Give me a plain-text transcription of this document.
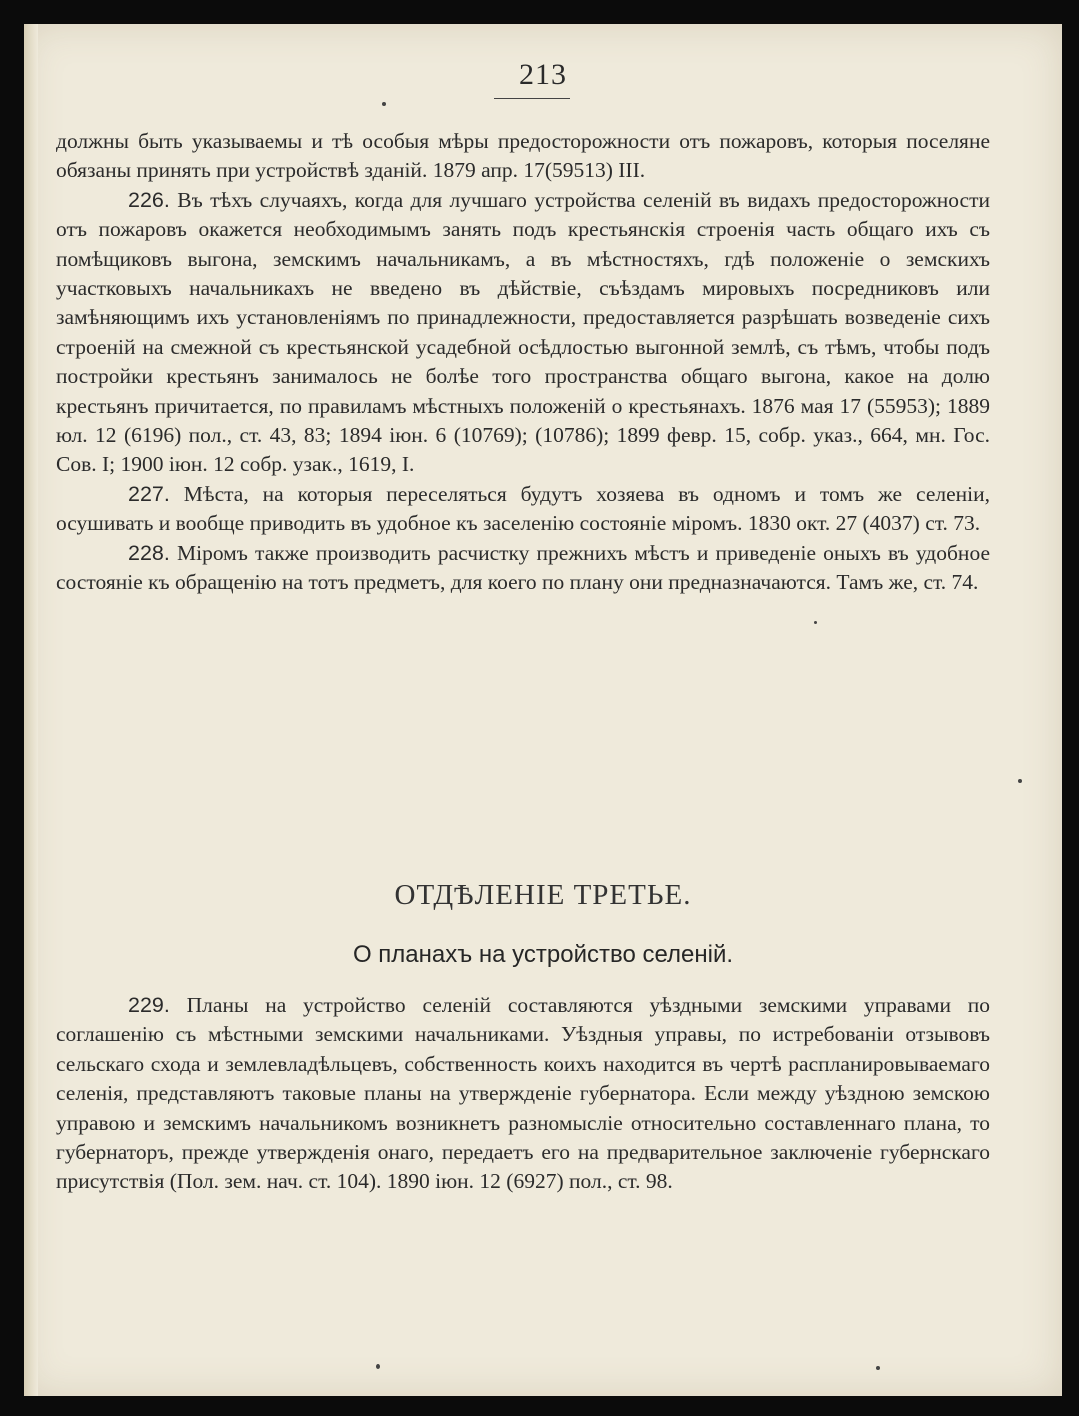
213

должны быть указываемы и тѣ особыя мѣры предосторожности отъ пожаровъ, которыя поселяне обязаны принять при устройствѣ зданій. 1879 апр. 17(59513) III.

226. Въ тѣхъ случаяхъ, когда для лучшаго устройства селеній въ видахъ предосторожности отъ пожаровъ окажется необходимымъ занять подъ крестьянскія строенія часть общаго ихъ съ помѣщиковъ выгона, земскимъ начальникамъ, а въ мѣстностяхъ, гдѣ положеніе о земскихъ участковыхъ начальникахъ не введено въ дѣйствіе, съѣздамъ мировыхъ посредниковъ или замѣняющимъ ихъ установленіямъ по принадлежности, предоставляется разрѣшать возведеніе сихъ строеній на смежной съ крестьянской усадебной осѣдлостью выгонной землѣ, съ тѣмъ, чтобы подъ постройки крестьянъ занималось не болѣе того пространства общаго выгона, какое на долю крестьянъ причитается, по правиламъ мѣстныхъ положеній о крестьянахъ. 1876 мая 17 (55953); 1889 юл. 12 (6196) пол., ст. 43, 83; 1894 іюн. 6 (10769); (10786); 1899 февр. 15, собр. указ., 664, мн. Гос. Сов. I; 1900 іюн. 12 собр. узак., 1619, I.

227. Мѣста, на которыя переселяться будутъ хозяева въ одномъ и томъ же селеніи, осушивать и вообще приводить въ удобное къ заселенію состояніе міромъ. 1830 окт. 27 (4037) ст. 73.

228. Міромъ также производить расчистку прежнихъ мѣстъ и приведеніе оныхъ въ удобное состояніе къ обращенію на тотъ предметъ, для коего по плану они предназначаются. Тамъ же, ст. 74.

ОТДѢЛЕНІЕ ТРЕТЬЕ.
О планахъ на устройство селеній.

229. Планы на устройство селеній составляются уѣздными земскими управами по соглашенію съ мѣстными земскими начальниками. Уѣздныя управы, по истребованіи отзывовъ сельскаго схода и землевладѣльцевъ, собственность коихъ находится въ чертѣ распланировываемаго селенія, представляютъ таковые планы на утвержденіе губернатора. Если между уѣздною земскою управою и земскимъ начальникомъ возникнетъ разномысліе относительно составленнаго плана, то губернаторъ, прежде утвержденія онаго, передаетъ его на предварительное заключеніе губернскаго присутствія (Пол. зем. нач. ст. 104). 1890 іюн. 12 (6927) пол., ст. 98.
